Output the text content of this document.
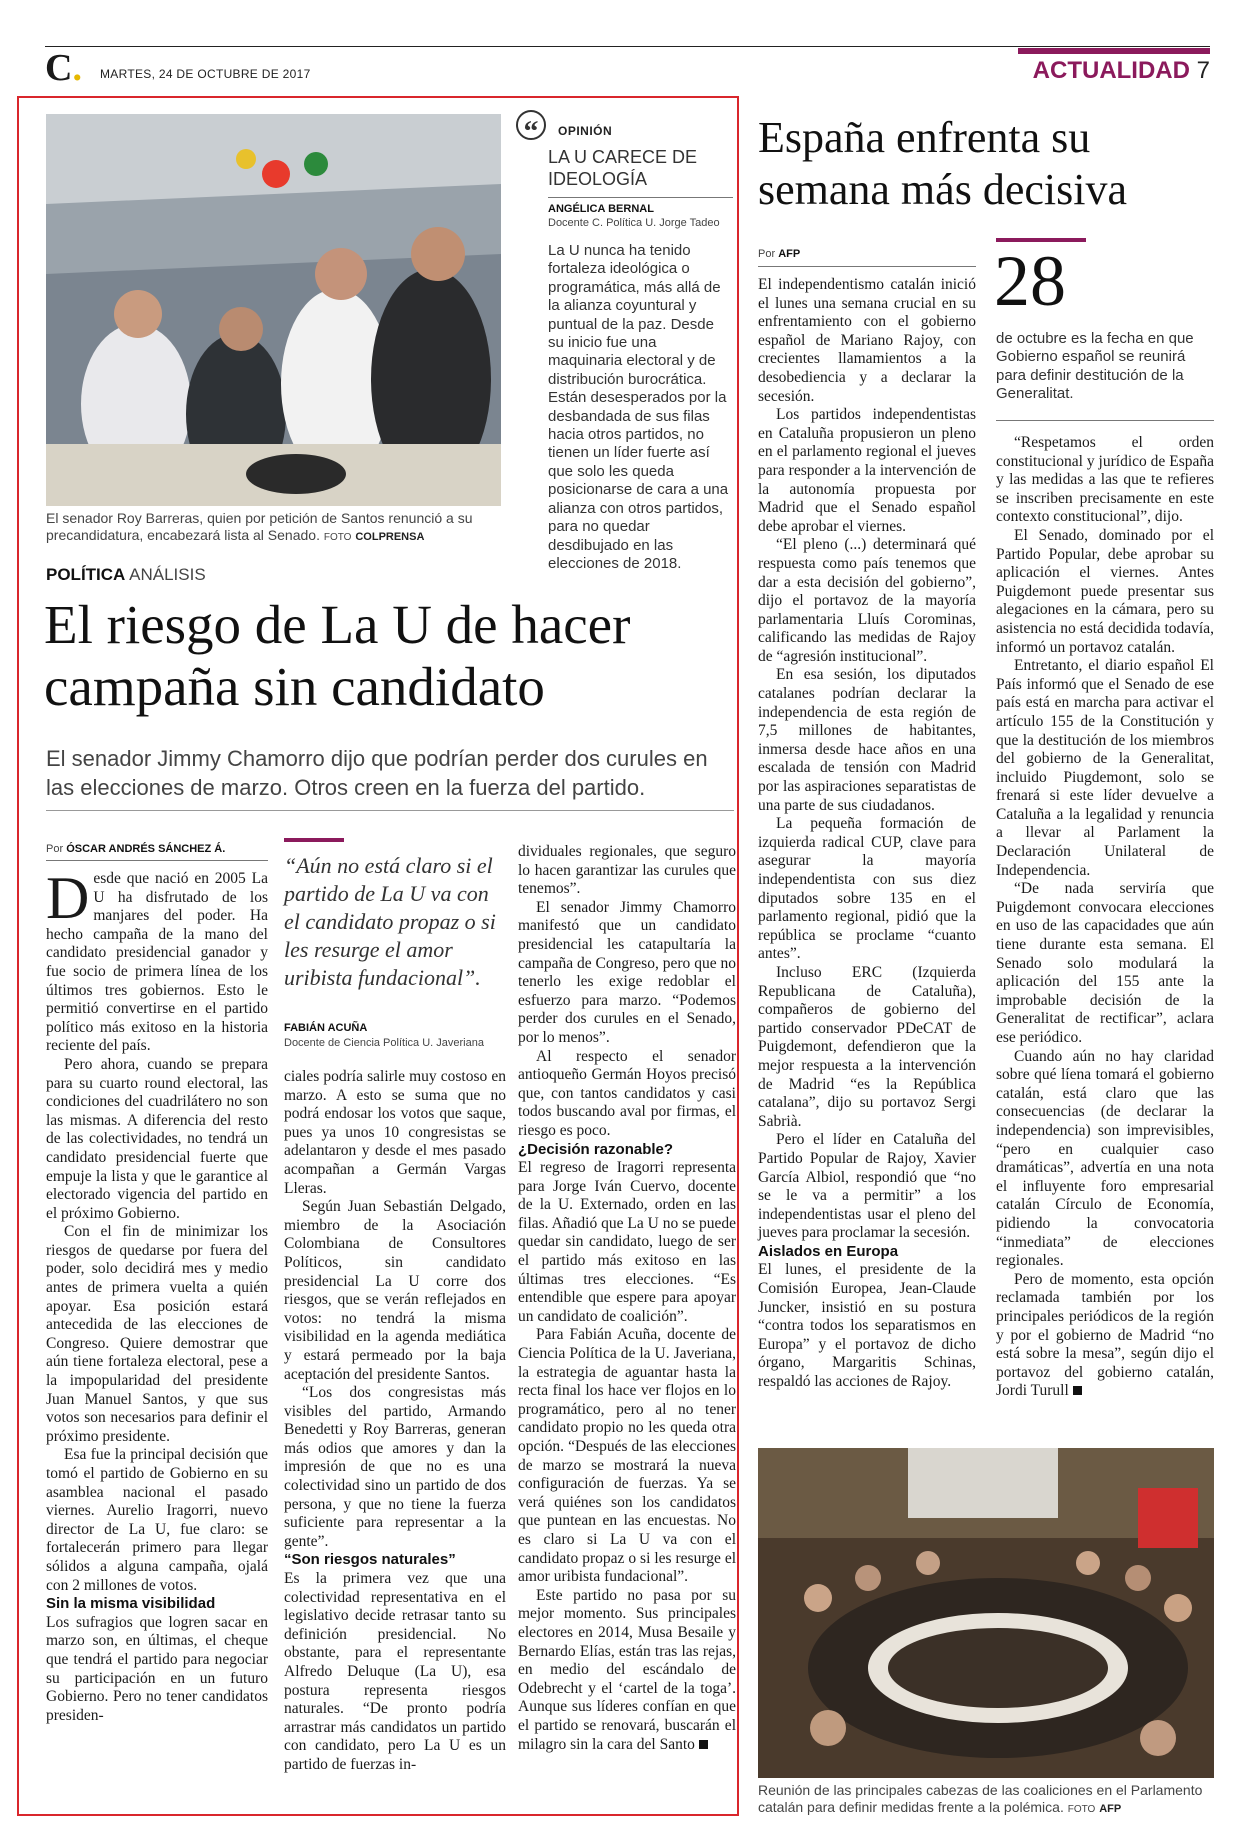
C. MARTES, 24 DE OCTUBRE DE 2017	ACTUALIDAD 7
El senador Roy Barreras, quien por petición de Santos renunció a su precandidatura, encabezará lista al Senado. FOTO COLPRENSA
“	OPINIÓN
LA U CARECE DE IDEOLOGÍA
ANGÉLICA BERNAL
Docente C. Política U. Jorge Tadeo
La U nunca ha tenido fortaleza ideológica o programática, más allá de la alianza coyuntural y puntual de la paz. Desde su inicio fue una maquinaria electoral y de distribución burocrática. Están desesperados por la desbandada de sus filas hacia otros partidos, no tienen un líder fuerte así que solo les queda posicionarse de cara a una alianza con otros partidos, para no quedar desdibujado en las elecciones de 2018.
POLÍTICA ANÁLISIS
El riesgo de La U de hacer campaña sin candidato
El senador Jimmy Chamorro dijo que podrían perder dos curules en las elecciones de marzo. Otros creen en la fuerza del partido.
Por ÓSCAR ANDRÉS SÁNCHEZ Á.

Desde que nació en 2005 La U ha disfrutado de los manjares del poder. Ha hecho campaña de la mano del candidato presidencial ganador y fue socio de primera línea de los últimos tres gobiernos. Esto le permitió convertirse en el partido político más exitoso en la historia reciente del país.

Pero ahora, cuando se prepara para su cuarto round electoral, las condiciones del cuadrilátero no son las mismas. A diferencia del resto de las colectividades, no tendrá un candidato presidencial fuerte que empuje la lista y que le garantice al electorado vigencia del partido en el próximo Gobierno.

Con el fin de minimizar los riesgos de quedarse por fuera del poder, solo decidirá mes y medio antes de primera vuelta a quién apoyar. Esa posición estará antecedida de las elecciones de Congreso. Quiere demostrar que aún tiene fortaleza electoral, pese a la impopularidad del presidente Juan Manuel Santos, y que sus votos son necesarios para definir el próximo presidente.

Esa fue la principal decisión que tomó el partido de Gobierno en su asamblea nacional el pasado viernes. Aurelio Iragorri, nuevo director de La U, fue claro: se fortalecerán primero para llegar sólidos a alguna campaña, ojalá con 2 millones de votos.

Sin la misma visibilidad

Los sufragios que logren sacar en marzo son, en últimas, el cheque que tendrá el partido para negociar su participación en un futuro Gobierno. Pero no tener candidatos presiden-

“Aún no está claro si el partido de La U va con el candidato propaz o si les resurge el amor uribista fundacional”.
FABIÁN ACUÑA
Docente de Ciencia Política U. Javeriana

ciales podría salirle muy costoso en marzo. A esto se suma que no podrá endosar los votos que saque, pues ya unos 10 congresistas se adelantaron y desde el mes pasado acompañan a Germán Vargas Lleras.

Según Juan Sebastián Delgado, miembro de la Asociación Colombiana de Consultores Políticos, sin candidato presidencial La U corre dos riesgos, que se verán reflejados en votos: no tendrá la misma visibilidad en la agenda mediática y estará permeado por la baja aceptación del presidente Santos.

“Los dos congresistas más visibles del partido, Armando Benedetti y Roy Barreras, generan más odios que amores y dan la impresión de que no es una colectividad sino un partido de dos persona, y que no tiene la fuerza suficiente para representar a la gente”.

“Son riesgos naturales”

Es la primera vez que una colectividad representativa en el legislativo decide retrasar tanto su definición presidencial. No obstante, para el representante Alfredo Deluque (La U), esa postura representa riesgos naturales. “De pronto podría arrastrar más candidatos un partido con candidato, pero La U es un partido de fuerzas in-

dividuales regionales, que seguro lo hacen garantizar las curules que tenemos”.

El senador Jimmy Chamorro manifestó que un candidato presidencial les catapultaría la campaña de Congreso, pero que no tenerlo les exige redoblar el esfuerzo para marzo. “Podemos perder dos curules en el Senado, por lo menos”.

Al respecto el senador antioqueño Germán Hoyos precisó que, con tantos candidatos y casi todos buscando aval por firmas, el riesgo es poco.

¿Decisión razonable?

El regreso de Iragorri representa para Jorge Iván Cuervo, docente de la U. Externado, orden en las filas. Añadió que La U no se puede quedar sin candidato, luego de ser el partido más exitoso en las últimas tres elecciones. “Es entendible que espere para apoyar un candidato de coalición”.

Para Fabián Acuña, docente de Ciencia Política de la U. Javeriana, la estrategia de aguantar hasta la recta final los hace ver flojos en lo programático, pero al no tener candidato propio no les queda otra opción. “Después de las elecciones de marzo se mostrará la nueva configuración de fuerzas. Ya se verá quiénes son los candidatos que puntean en las encuestas. No es claro si La U va con el candidato propaz o si les resurge el amor uribista fundacional”.

Este partido no pasa por su mejor momento. Sus principales electores en 2014, Musa Besaile y Bernardo Elías, están tras las rejas, en medio del escándalo de Odebrecht y el ‘cartel de la toga’. Aunque sus líderes confían en que el partido se renovará, buscarán el milagro sin la cara del Santo

España enfrenta su semana más decisiva
Por AFP	28
de octubre es la fecha en que Gobierno español se reunirá para definir destitución de la Generalitat.

El independentismo catalán inició el lunes una semana crucial en su enfrentamiento con el gobierno español de Mariano Rajoy, con crecientes llamamientos a la desobediencia y a declarar la secesión.

Los partidos independentistas en Cataluña propusieron un pleno en el parlamento regional el jueves para responder a la intervención de la autonomía propuesta por Madrid que el Senado español debe aprobar el viernes.

“El pleno (...) determinará qué respuesta como país tenemos que dar a esta decisión del gobierno”, dijo el portavoz de la mayoría parlamentaria Lluís Corominas, calificando las medidas de Rajoy de “agresión institucional”.

En esa sesión, los diputados catalanes podrían declarar la independencia de esta región de 7,5 millones de habitantes, inmersa desde hace años en una escalada de tensión con Madrid por las aspiraciones separatistas de una parte de sus ciudadanos.

La pequeña formación de izquierda radical CUP, clave para asegurar la mayoría independentista con sus diez diputados sobre 135 en el parlamento regional, pidió que la república se proclame “cuanto antes”.

Incluso ERC (Izquierda Republicana de Cataluña), compañeros de gobierno del partido conservador PDeCAT de Puigdemont, defendieron que la mejor respuesta a la intervención de Madrid “es la República catalana”, dijo su portavoz Sergi Sabrià.

Pero el líder en Cataluña del Partido Popular de Rajoy, Xavier García Albiol, respondió que “no se le va a permitir” a los independentistas usar el pleno del jueves para proclamar la secesión.

Aislados en Europa

El lunes, el presidente de la Comisión Europea, Jean-Claude Juncker, insistió en su postura “contra todos los separatismos en Europa” y el portavoz de dicho órgano, Margaritis Schinas, respaldó las acciones de Rajoy.

“Respetamos el orden constitucional y jurídico de España y las medidas a las que te refieres se inscriben precisamente en este contexto constitucional”, dijo.

El Senado, dominado por el Partido Popular, debe aprobar su aplicación el viernes. Antes Puigdemont puede presentar sus alegaciones en la cámara, pero su asistencia no está decidida todavía, informó un portavoz catalán.

Entretanto, el diario español El País informó que el Senado de ese país está en marcha para activar el artículo 155 de la Constitución y que la destitución de los miembros del gobierno de la Generalitat, incluido Piugdemont, solo se frenará si este líder devuelve a Cataluña a la legalidad y renuncia a llevar al Parlament la Declaración Unilateral de Independencia.

“De nada serviría que Puigdemont convocara elecciones en uso de las capacidades que aún tiene durante esta semana. El Senado solo modulará la aplicación del 155 ante la improbable decisión de la Generalitat de rectificar”, aclara ese periódico.

Cuando aún no hay claridad sobre qué líena tomará el gobierno catalán, está claro que las consecuencias (de declarar la independencia) son imprevisibles, “pero en cualquier caso dramáticas”, advertía en una nota el influyente foro empresarial catalán Círculo de Economía, pidiendo la convocatoria “inmediata” de elecciones regionales.

Pero de momento, esta opción reclamada también por los principales periódicos de la región y por el gobierno de Madrid “no está sobre la mesa”, según dijo el portavoz del gobierno catalán, Jordi Turull

Reunión de las principales cabezas de las coaliciones en el Parlamento catalán para definir medidas frente a la polémica. FOTO AFP
